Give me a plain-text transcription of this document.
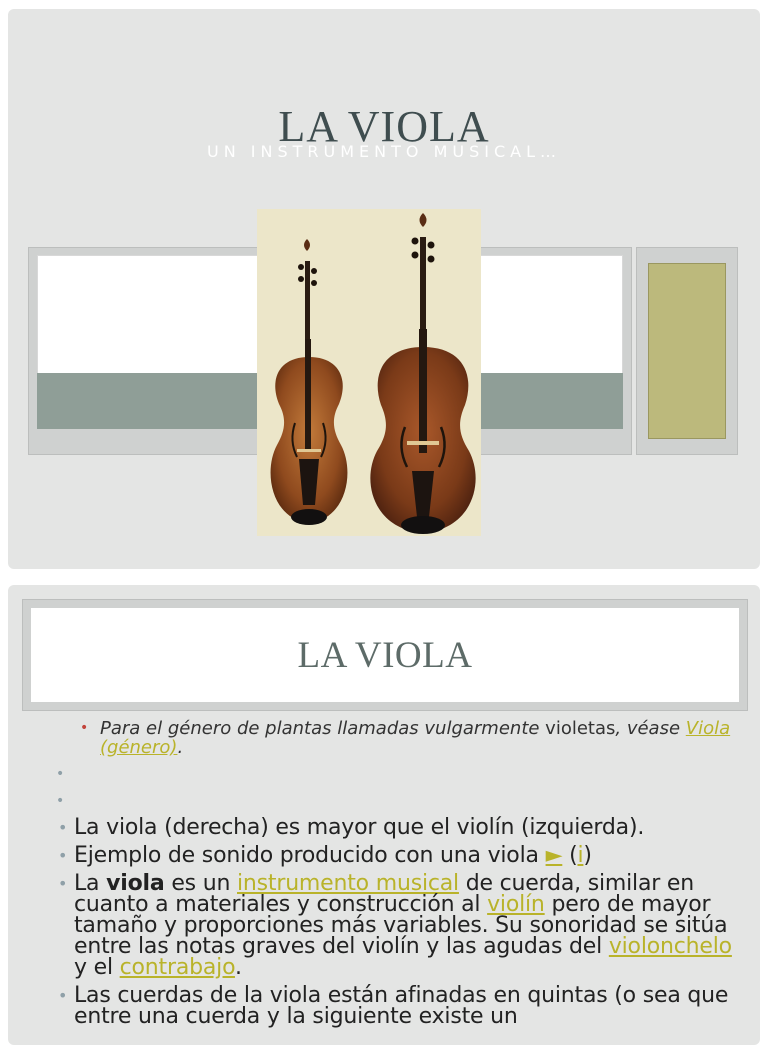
LA VIOLA
UN INSTRUMENTO MUSICAL…
LA VIOLA
• Para el género de plantas llamadas vulgarmente violetas, véase Viola (género).
•
•
• La viola (derecha) es mayor que el violín (izquierda).
• Ejemplo de sonido producido con una viola ► (i)
• La viola es un instrumento musical de cuerda, similar en cuanto a materiales y construcción al violín pero de mayor tamaño y proporciones más variables. Su sonoridad se sitúa entre las notas graves del violín y las agudas del violonchelo y el contrabajo.
• Las cuerdas de la viola están afinadas en quintas (o sea que entre una cuerda y la siguiente existe un
